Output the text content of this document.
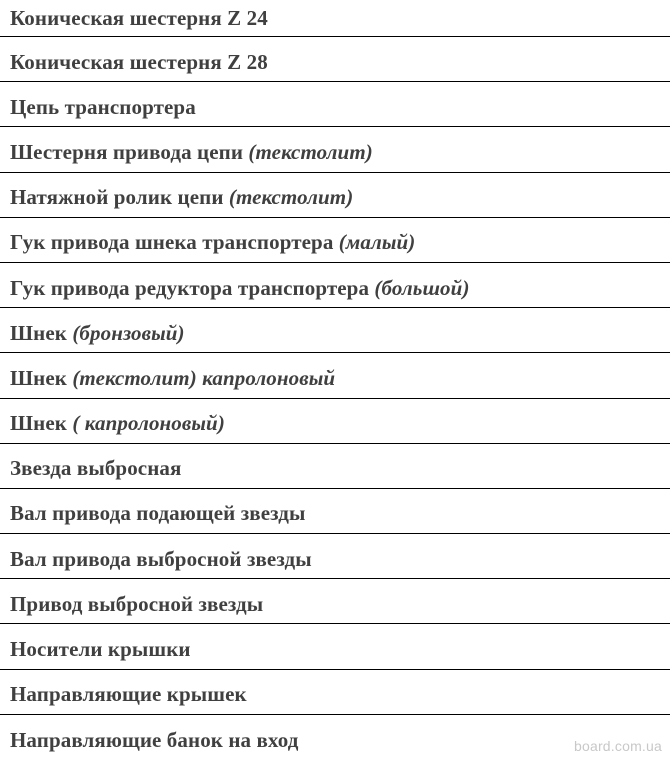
Коническая шестерня Z 24
Коническая шестерня Z 28
Цепь транспортера
Шестерня привода цепи (текстолит)
Натяжной ролик цепи (текстолит)
Гук привода шнека транспортера (малый)
Гук привода редуктора транспортера (большой)
Шнек (бронзовый)
Шнек (текстолит) капролоновый
Шнек ( капролоновый)
Звезда выбросная
Вал привода подающей звезды
Вал привода выбросной звезды
Привод выбросной звезды
Носители крышки
Направляющие крышек
Направляющие банок на вход	board.com.ua
